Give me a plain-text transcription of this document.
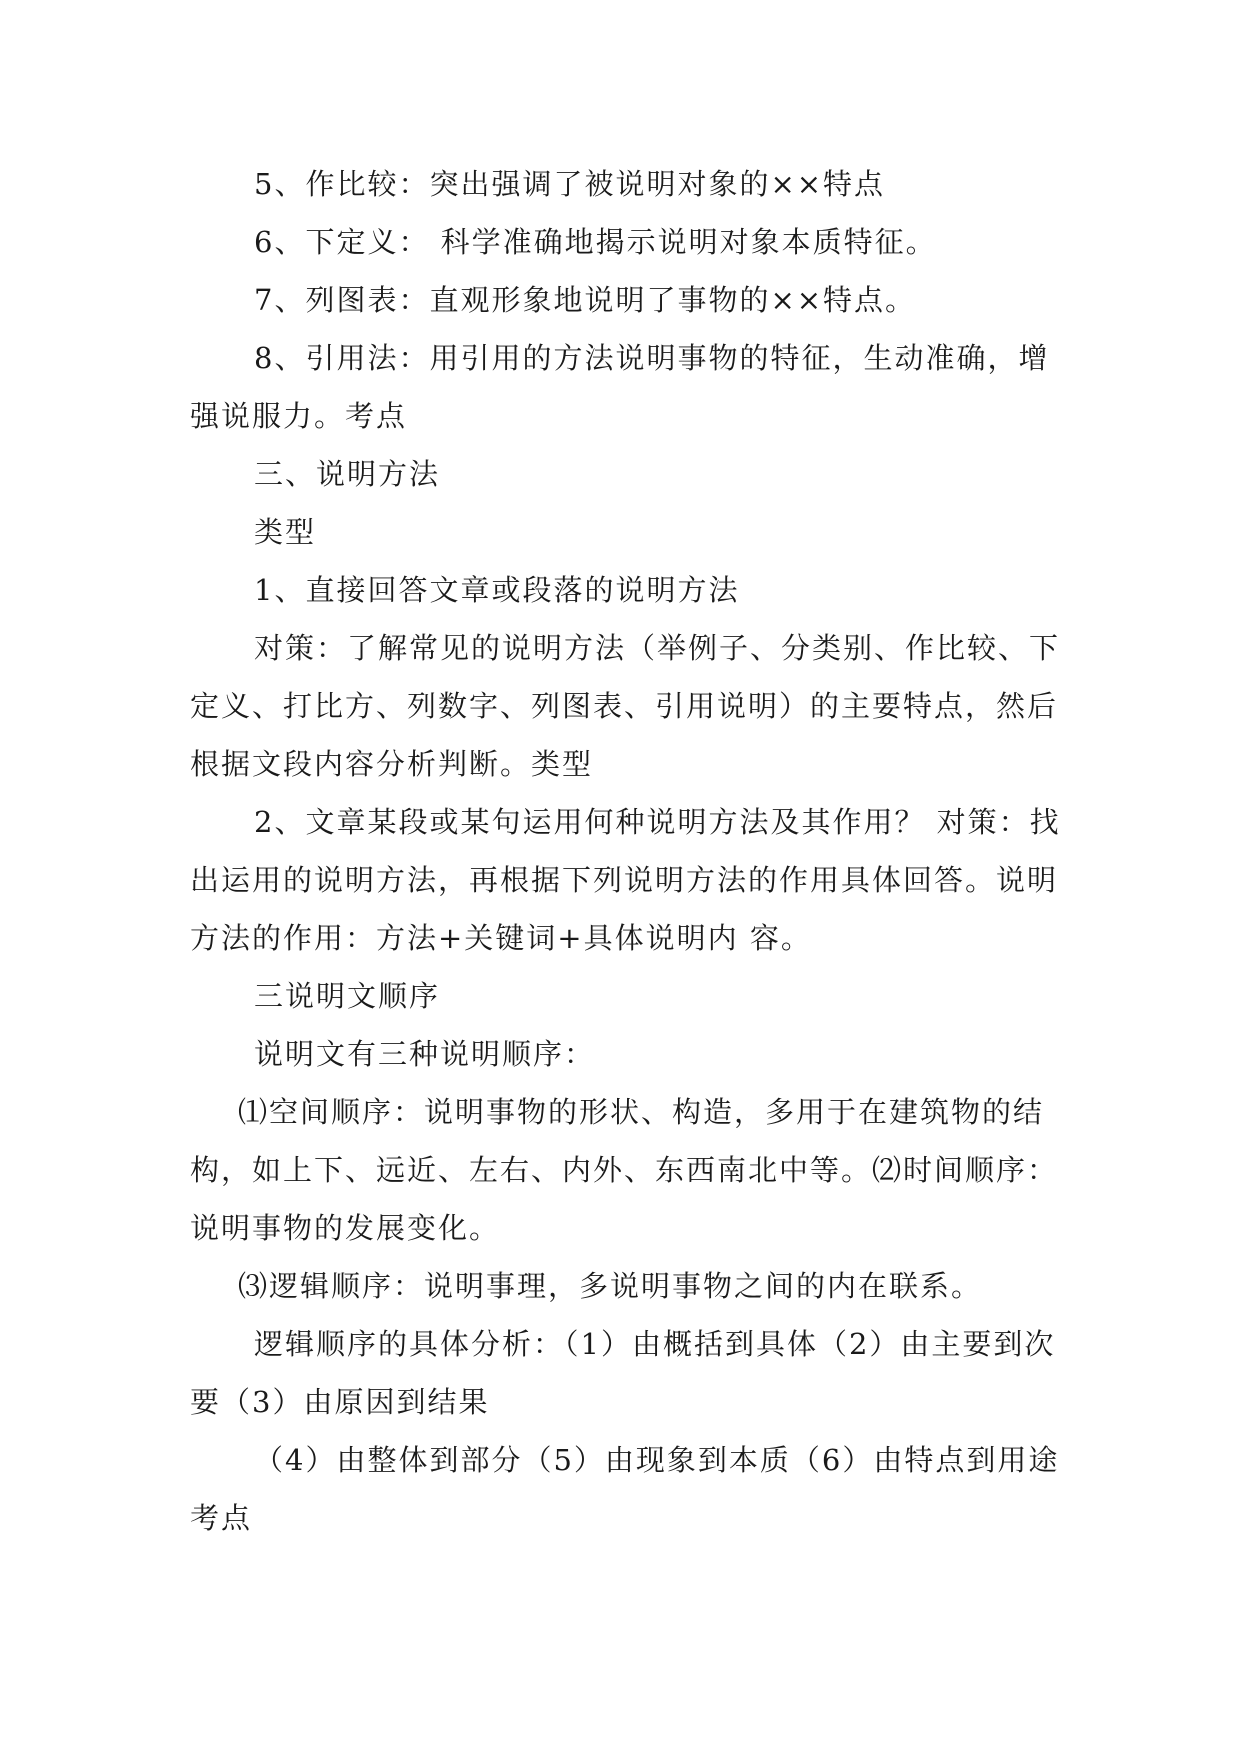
5、作比较：突出强调了被说明对象的××特点

6、下定义： 科学准确地揭示说明对象本质特征。

7、列图表：直观形象地说明了事物的××特点。

8、引用法：用引用的方法说明事物的特征，生动准确，增强说服力。考点

三、说明方法

类型

1、直接回答文章或段落的说明方法

对策：了解常见的说明方法（举例子、分类别、作比较、下定义、打比方、列数字、列图表、引用说明）的主要特点，然后根据文段内容分析判断。类型

2、文章某段或某句运用何种说明方法及其作用？ 对策：找出运用的说明方法，再根据下列说明方法的作用具体回答。说明方法的作用：方法+关键词+具体说明内 容。

三说明文顺序

说明文有三种说明顺序：

⑴空间顺序：说明事物的形状、构造，多用于在建筑物的结构，如上下、远近、左右、内外、东西南北中等。⑵时间顺序：说明事物的发展变化。

⑶逻辑顺序：说明事理，多说明事物之间的内在联系。

逻辑顺序的具体分析：（1）由概括到具体（2）由主要到次要（3）由原因到结果

（4）由整体到部分（5）由现象到本质（6）由特点到用途 考点
